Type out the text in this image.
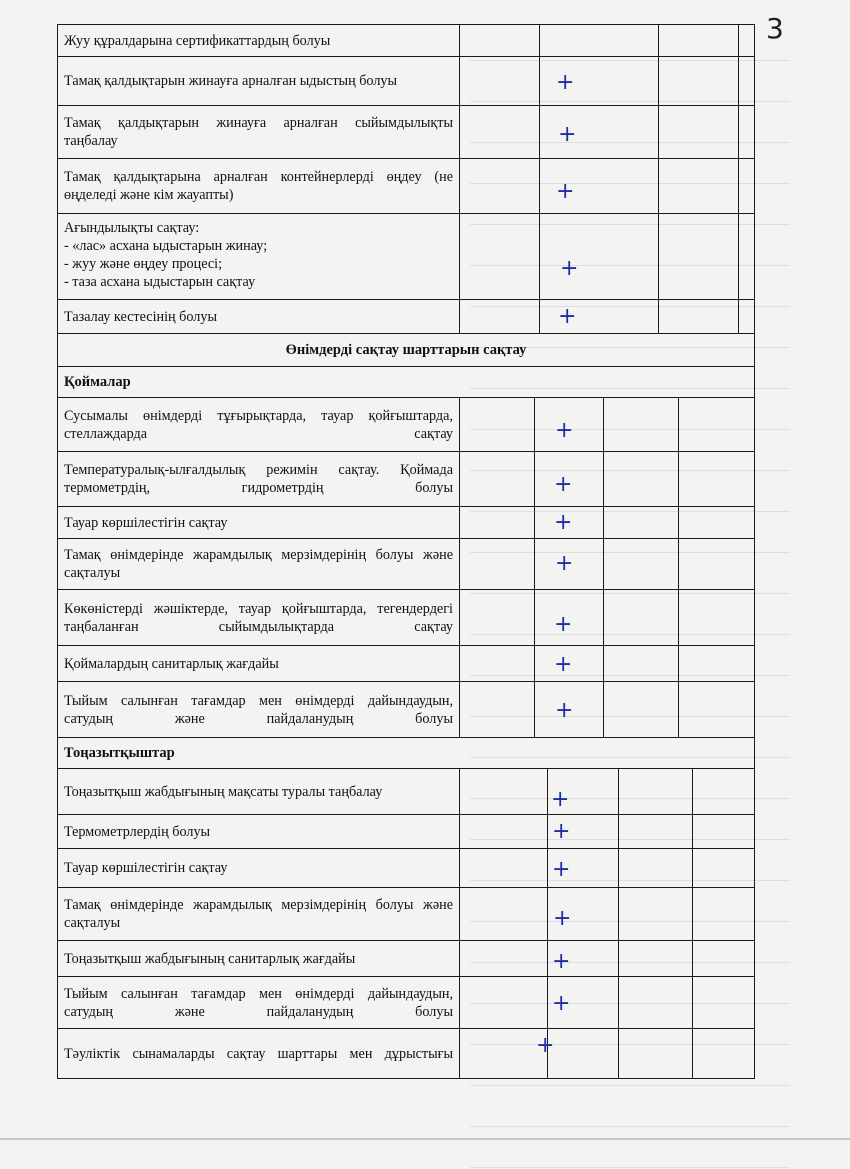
3
Жуу құралдарына сертификаттардың болуы
Тамақ қалдықтарын жинауға арналған ыдыстың болуы	+
Тамақ қалдықтарын жинауға арналған сыйымдылықты таңбалау	+
Тамақ қалдықтарына арналған контейнерлерді өңдеу (не өңделеді және кім жауапты)	+
Ағындылықты сақтау:
- «лас» асхана ыдыстарын жинау;
- жуу және өңдеу процесі;
- таза асхана ыдыстарын сақтау
+
Тазалау кестесінің болуы	+
Өнімдерді сақтау шарттарын сақтау
Қоймалар
Сусымалы өнімдерді тұғырықтарда, тауар қойғыштарда, стеллаждарда сақтау	+
Температуралық-ылғалдылық режимін сақтау. Қоймада термометрдің, гидрометрдің болуы	+
Тауар көршілестігін сақтау	+
Тамақ өнімдерінде жарамдылық мерзімдерінің болуы және сақталуы	+
Көкөністерді жәшіктерде, тауар қойғыштарда, тегендердегі таңбаланған сыйымдылықтарда сақтау	+
Қоймалардың санитарлық жағдайы	+
Тыйым салынған тағамдар мен өнімдерді дайындаудын, сатудың және пайдаланудың болуы	+
Тоңазытқыштар
Тоңазытқыш жабдығының мақсаты туралы таңбалау	+
Термометрлердің болуы	+
Тауар көршілестігін сақтау	+
Тамақ өнімдерінде жарамдылық мерзімдерінің болуы және сақталуы	+
Тоңазытқыш жабдығының санитарлық жағдайы	+
Тыйым салынған тағамдар мен өнімдерді дайындаудын, сатудың және пайдаланудың болуы	+
Тәуліктік сынамаларды сақтау шарттары мен дұрыстығы	+
